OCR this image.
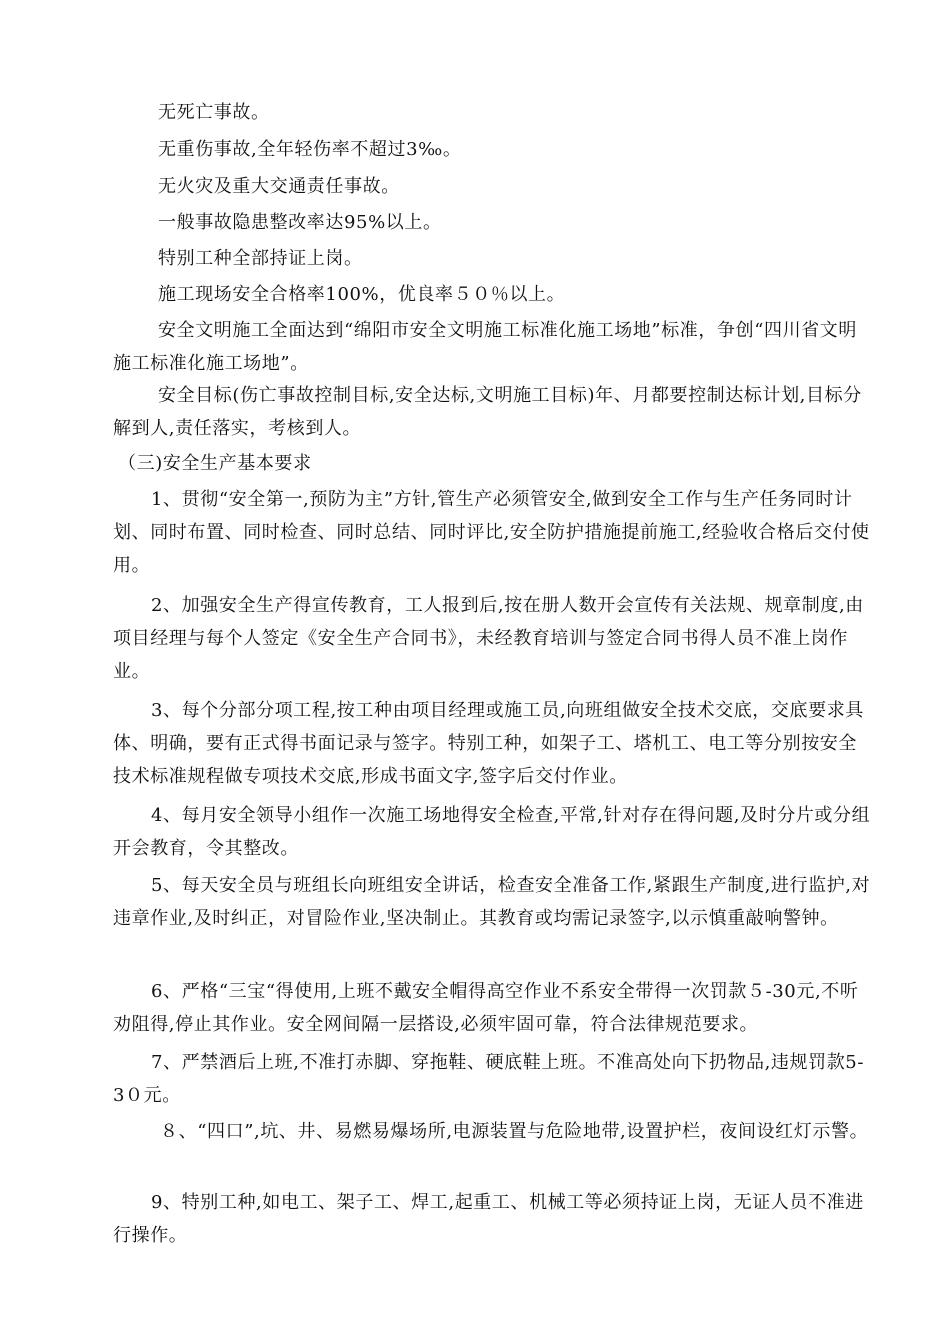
无死亡事故。
无重伤事故,全年轻伤率不超过3‰。
无火灾及重大交通责任事故。
一般事故隐患整改率达95%以上。
特别工种全部持证上岗。
施工现场安全合格率100%，优良率５０％以上。
安全文明施工全面达到“绵阳市安全文明施工标准化施工场地”标准，争创“四川省文明施工标准化施工场地”。
安全目标(伤亡事故控制目标,安全达标,文明施工目标)年、月都要控制达标计划,目标分解到人,责任落实，考核到人。
（三)安全生产基本要求
1、贯彻“安全第一,预防为主”方针,管生产必须管安全,做到安全工作与生产任务同时计划、同时布置、同时检查、同时总结、同时评比,安全防护措施提前施工,经验收合格后交付使用。
2、加强安全生产得宣传教育，工人报到后,按在册人数开会宣传有关法规、规章制度,由项目经理与每个人签定《安全生产合同书》，未经教育培训与签定合同书得人员不准上岗作业。
3、每个分部分项工程,按工种由项目经理或施工员,向班组做安全技术交底，交底要求具体、明确，要有正式得书面记录与签字。特别工种，如架子工、塔机工、电工等分别按安全技术标准规程做专项技术交底,形成书面文字,签字后交付作业。
4、每月安全领导小组作一次施工场地得安全检查,平常,针对存在得问题,及时分片或分组开会教育，令其整改。
5、每天安全员与班组长向班组安全讲话，检查安全准备工作,紧跟生产制度,进行监护,对违章作业,及时纠正，对冒险作业,坚决制止。其教育或均需记录签字,以示慎重敲响警钟。
6、严格“三宝“得使用,上班不戴安全帽得高空作业不系安全带得一次罚款５-30元,不听劝阻得,停止其作业。安全网间隔一层搭设,必须牢固可靠，符合法律规范要求。
7、严禁酒后上班,不准打赤脚、穿拖鞋、硬底鞋上班。不准高处向下扔物品,违规罚款5-3０元。
８、“四口”,坑、井、易燃易爆场所,电源装置与危险地带,设置护栏，夜间设红灯示警。
9、特别工种,如电工、架子工、焊工,起重工、机械工等必须持证上岗，无证人员不准进行操作。
